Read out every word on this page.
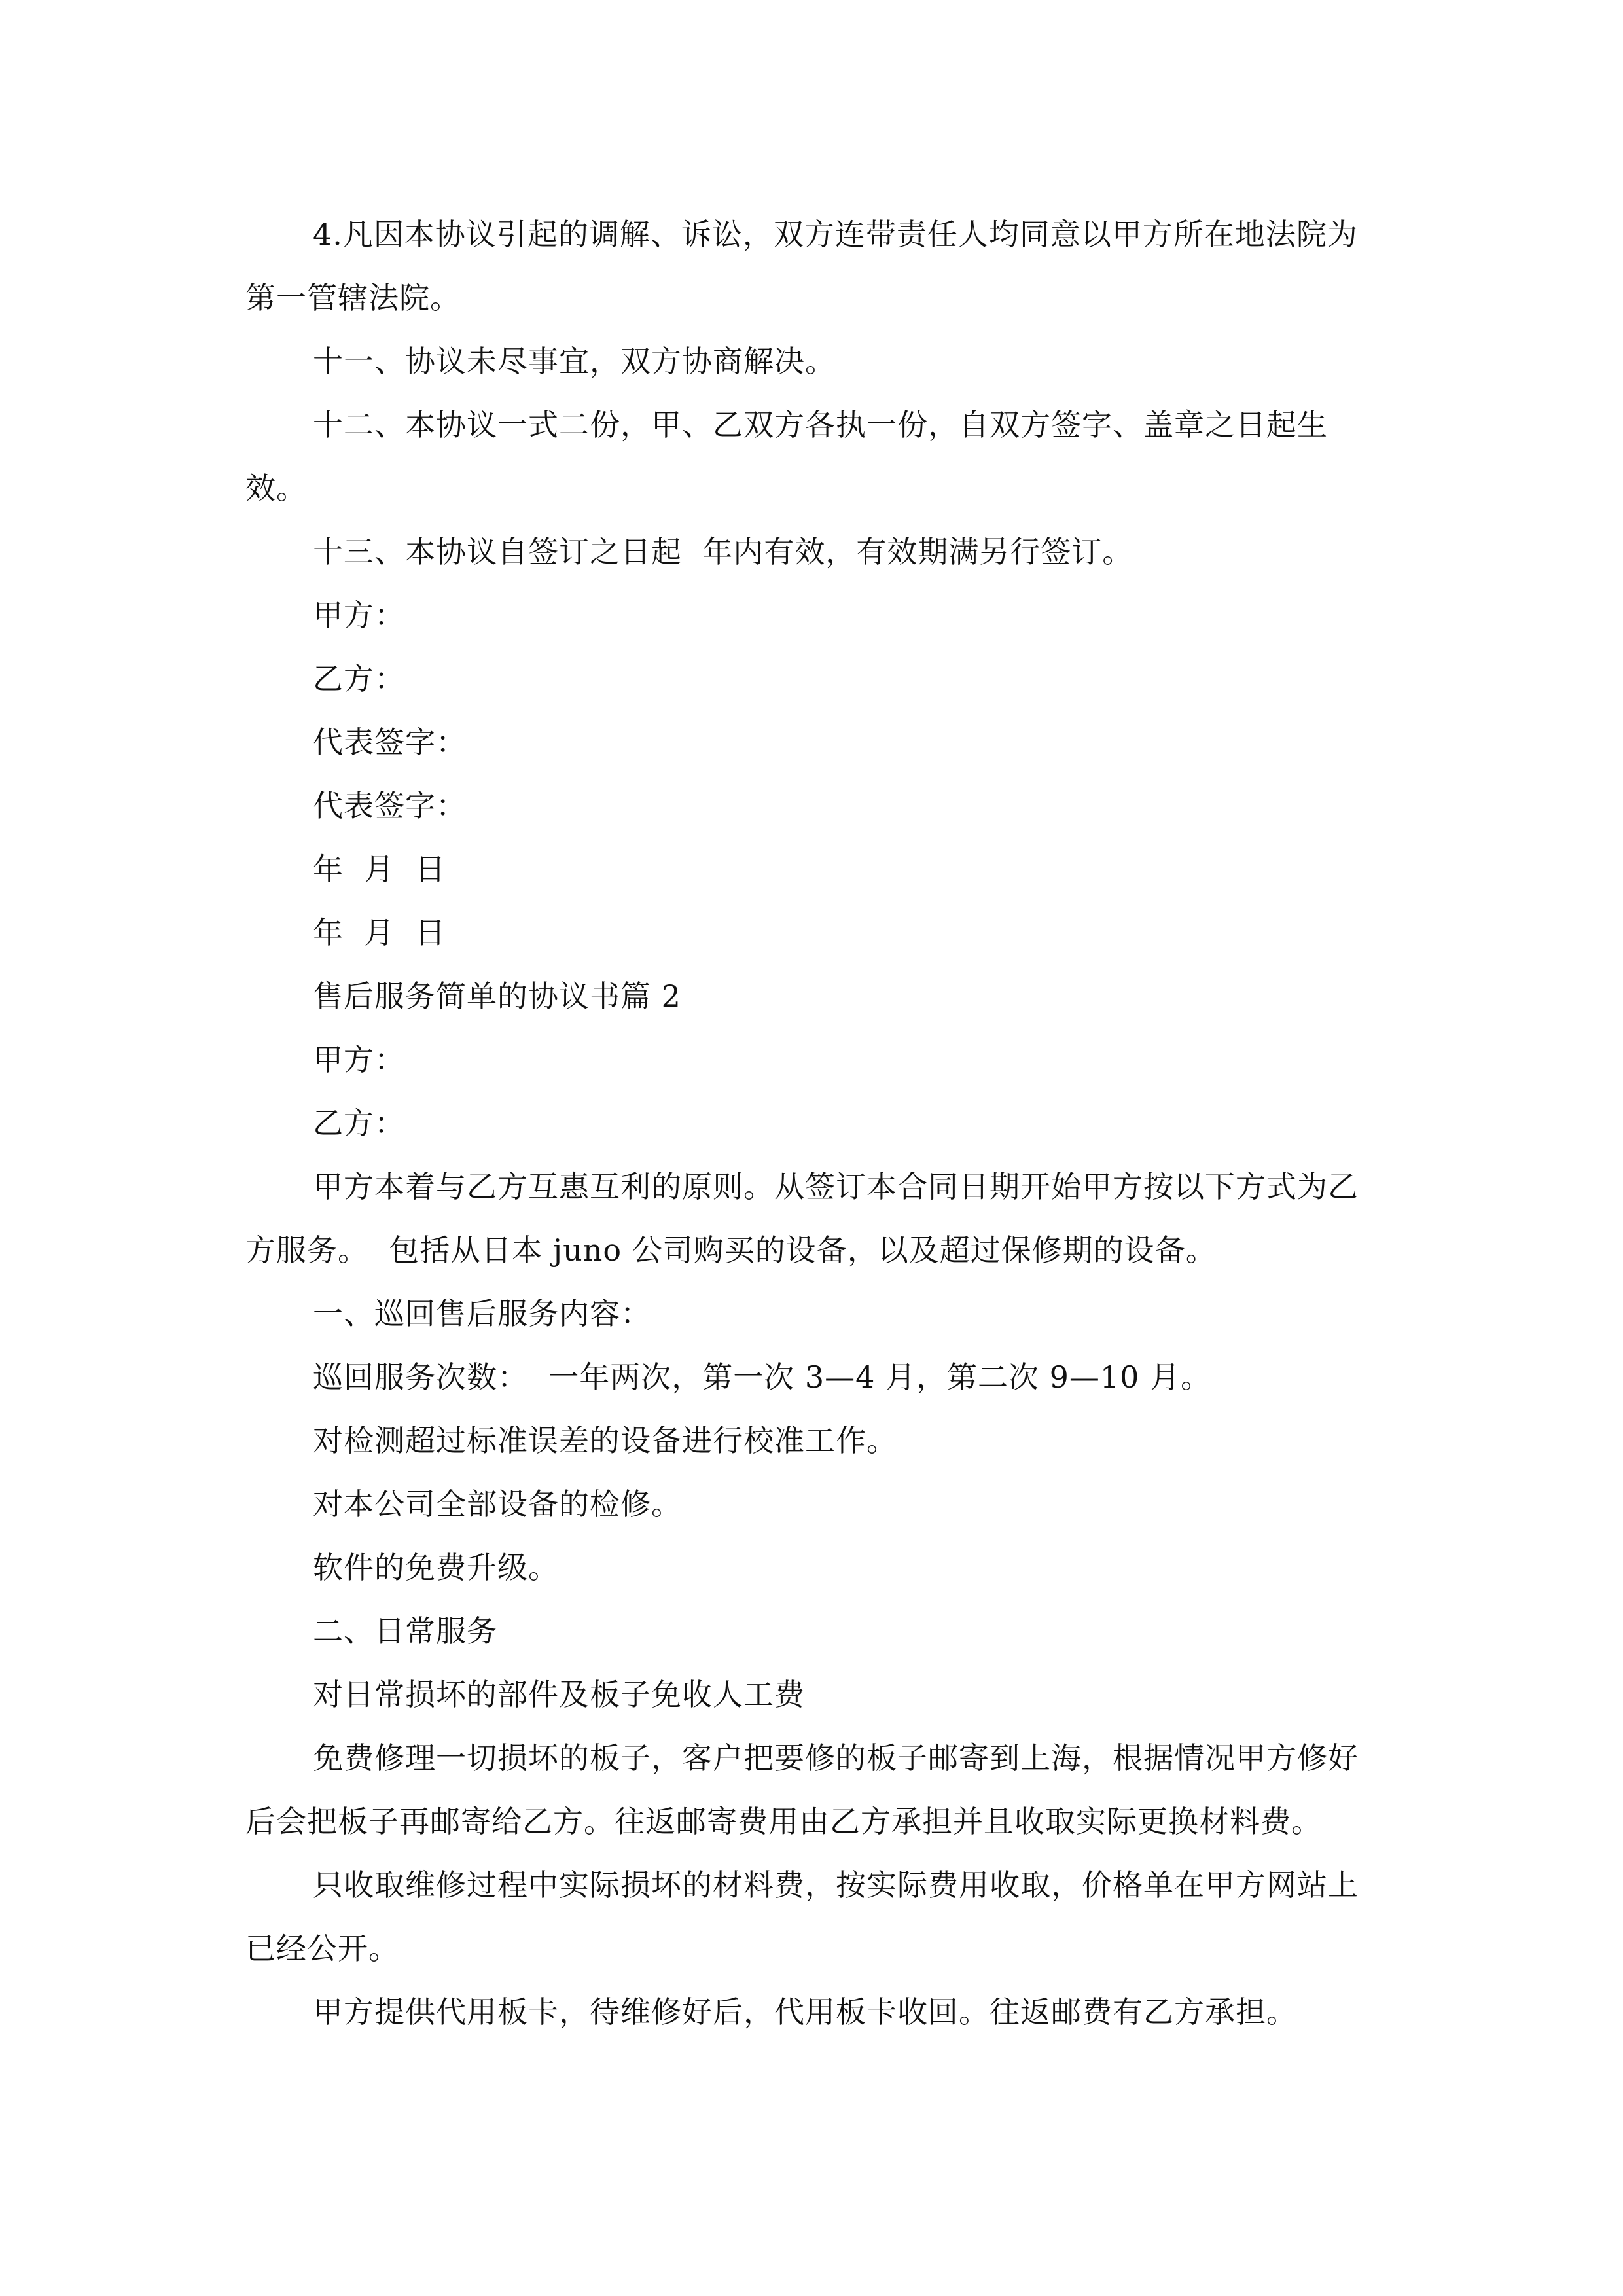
4.凡因本协议引起的调解、诉讼，双方连带责任人均同意以甲方所在地法院为第一管辖法院。

十一、协议未尽事宜，双方协商解决。

十二、本协议一式二份，甲、乙双方各执一份，自双方签字、盖章之日起生效。

十三、本协议自签订之日起  年内有效，有效期满另行签订。

甲方：

乙方：

代表签字：

代表签字：

年  月  日

年  月  日

售后服务简单的协议书篇 2

甲方：

乙方：

甲方本着与乙方互惠互利的原则。从签订本合同日期开始甲方按以下方式为乙方服务。  包括从日本 juno 公司购买的设备，以及超过保修期的设备。

一、巡回售后服务内容：

巡回服务次数：  一年两次，第一次 3—4 月，第二次 9—10 月。

对检测超过标准误差的设备进行校准工作。

对本公司全部设备的检修。

软件的免费升级。

二、日常服务

对日常损坏的部件及板子免收人工费

免费修理一切损坏的板子，客户把要修的板子邮寄到上海，根据情况甲方修好后会把板子再邮寄给乙方。往返邮寄费用由乙方承担并且收取实际更换材料费。

只收取维修过程中实际损坏的材料费，按实际费用收取，价格单在甲方网站上已经公开。

甲方提供代用板卡，待维修好后，代用板卡收回。往返邮费有乙方承担。
